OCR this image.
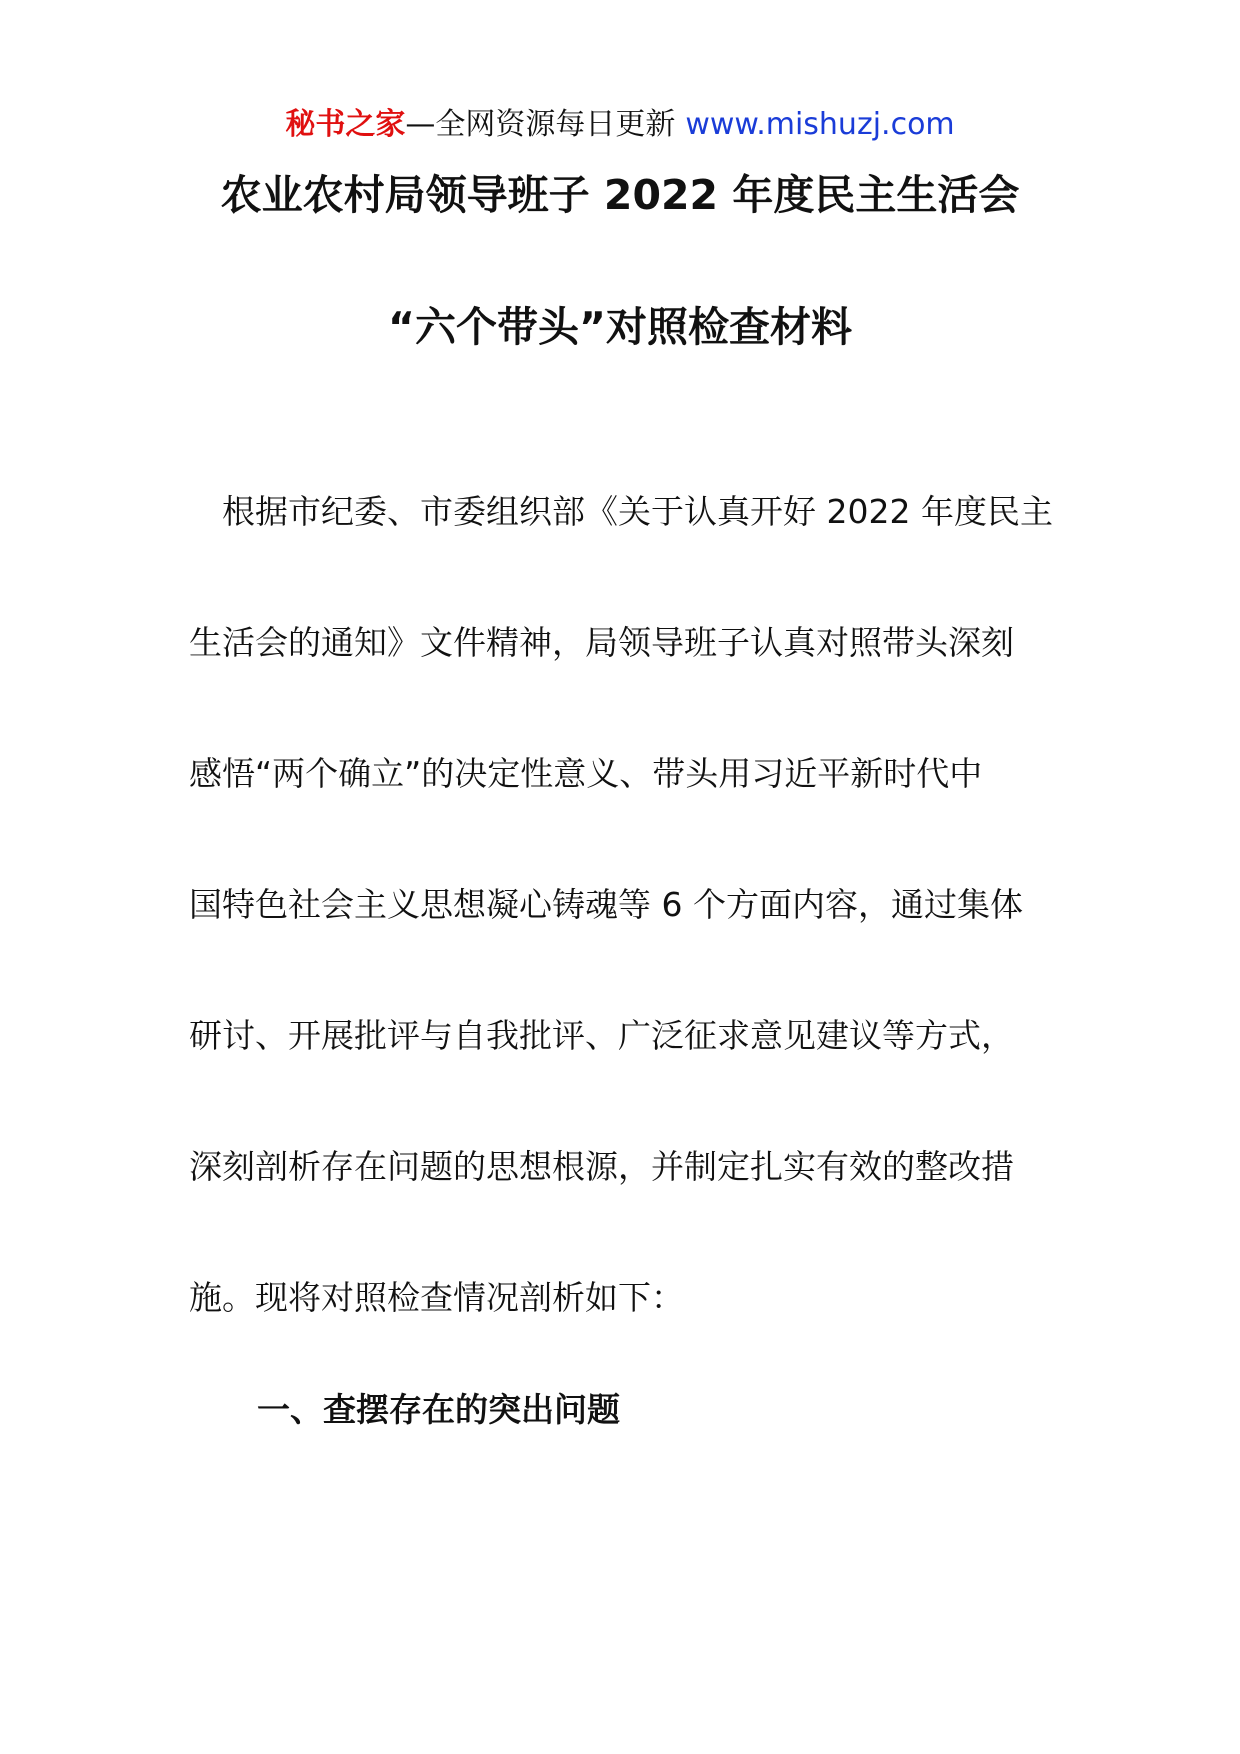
秘书之家—全网资源每日更新 www.mishuzj.com
农业农村局领导班子 2022 年度民主生活会
“六个带头”对照检查材料
根据市纪委、市委组织部《关于认真开好 2022 年度民主
生活会的通知》文件精神，局领导班子认真对照带头深刻
感悟“两个确立”的决定性意义、带头用习近平新时代中
国特色社会主义思想凝心铸魂等 6 个方面内容，通过集体
研讨、开展批评与自我批评、广泛征求意见建议等方式，
深刻剖析存在问题的思想根源，并制定扎实有效的整改措
施。现将对照检查情况剖析如下：
一、查摆存在的突出问题
